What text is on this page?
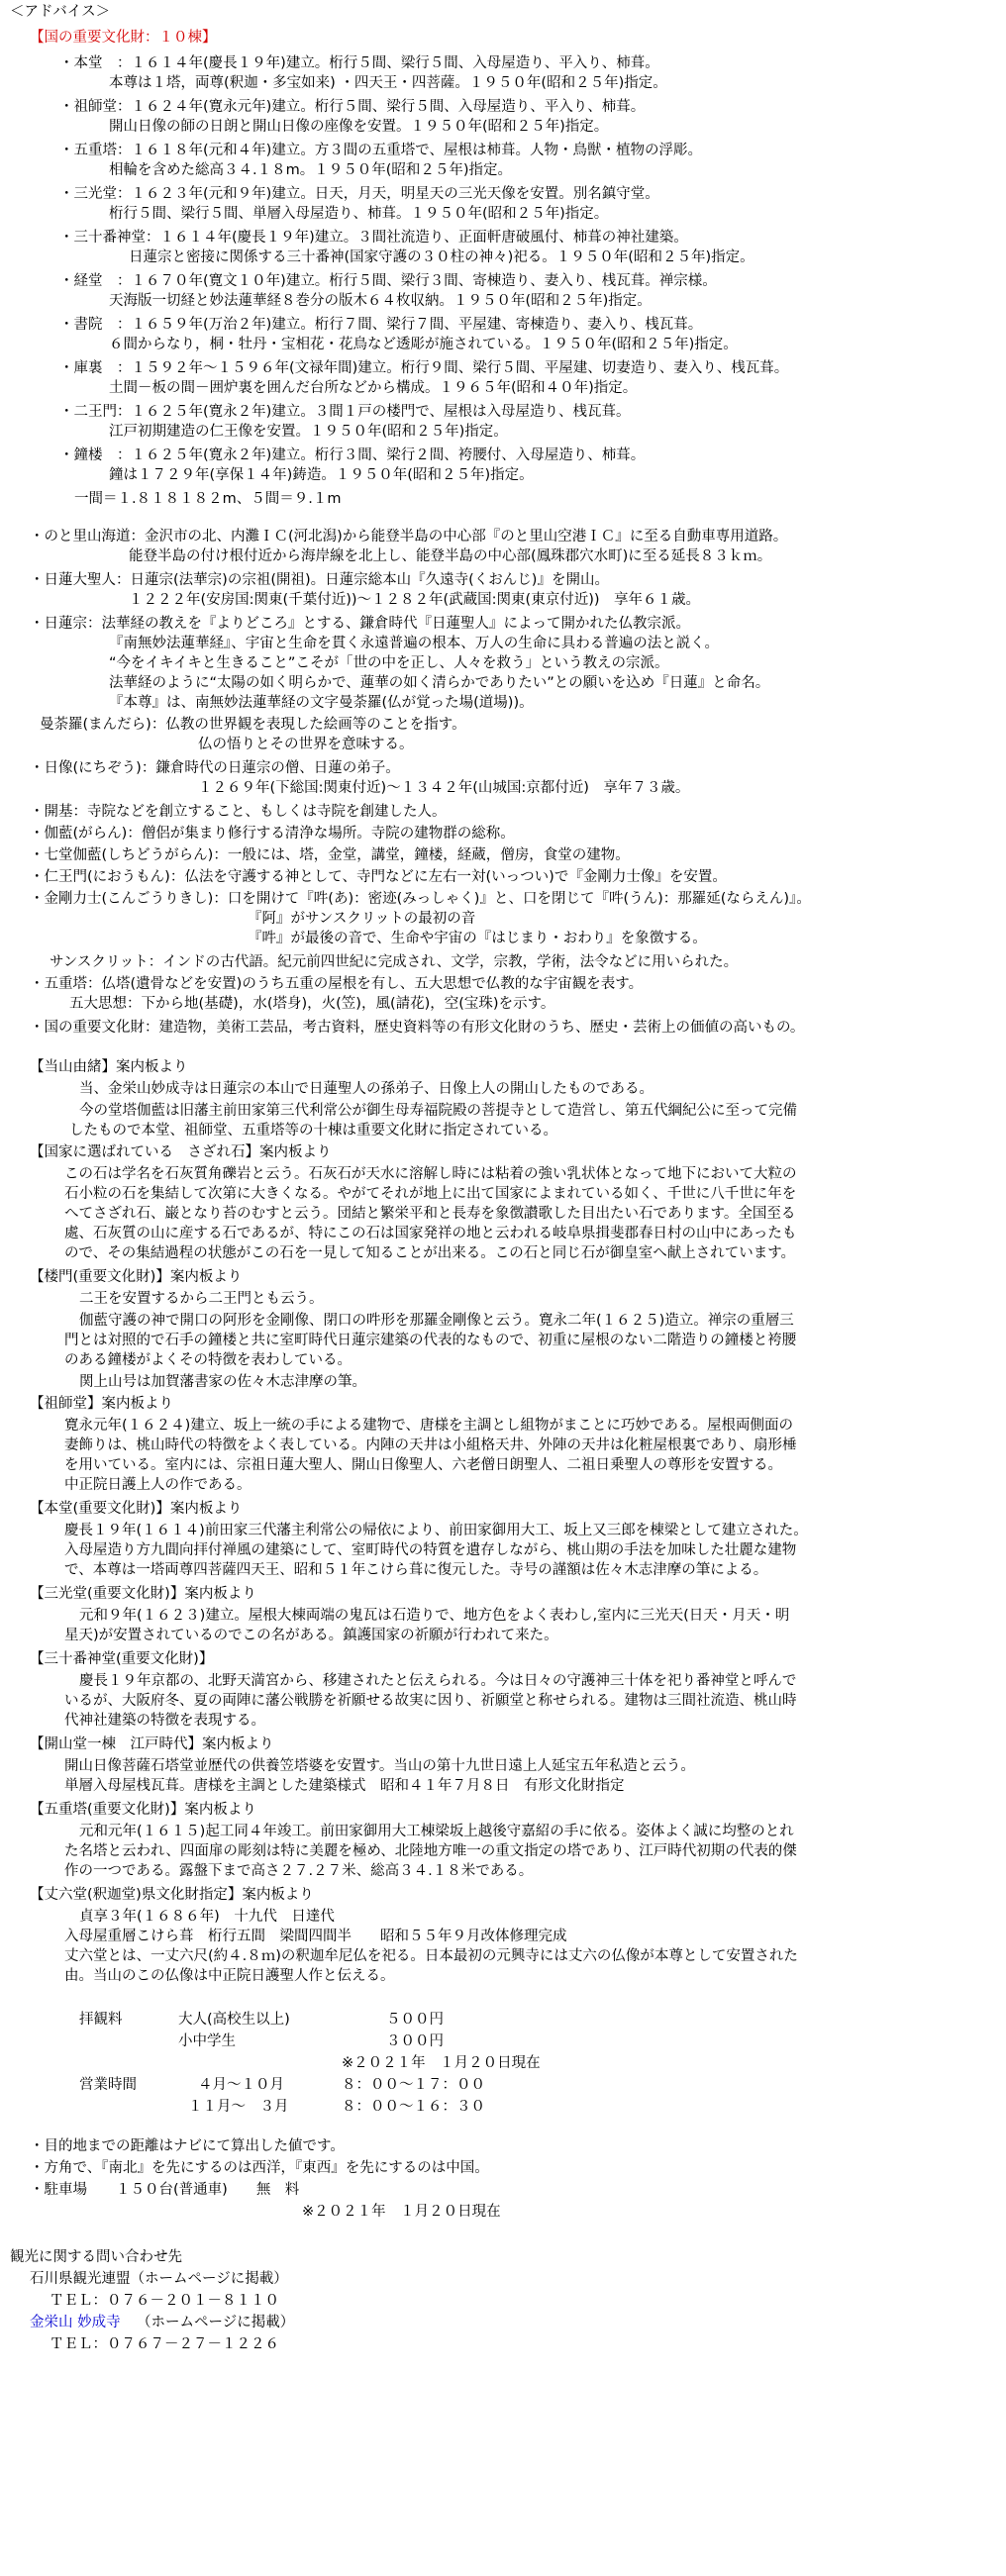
＜アドバイス＞
【国の重要文化財：１０棟】
・本堂　：１６１４年(慶長１９年)建立。桁行５間、梁行５間、入母屋造り、平入り、柿葺。
本尊は１塔，両尊(釈迦・多宝如来) ・四天王・四菩薩。１９５０年(昭和２５年)指定。
・祖師堂：１６２４年(寛永元年)建立。桁行５間、梁行５間、入母屋造り、平入り、柿葺。
開山日像の師の日朗と開山日像の座像を安置。１９５０年(昭和２５年)指定。
・五重塔：１６１８年(元和４年)建立。方３間の五重塔で、屋根は柿葺。人物・鳥獣・植物の浮彫。
相輪を含めた総高３４.１８m。１９５０年(昭和２５年)指定。
・三光堂：１６２３年(元和９年)建立。日天，月天，明星天の三光天像を安置。別名鎮守堂。
桁行５間、梁行５間、単層入母屋造り、柿葺。１９５０年(昭和２５年)指定。
・三十番神堂：１６１４年(慶長１９年)建立。３間社流造り、正面軒唐破風付、柿葺の神社建築。
日蓮宗と密接に関係する三十番神(国家守護の３０柱の神々)祀る。１９５０年(昭和２５年)指定。
・経堂　：１６７０年(寛文１０年)建立。桁行５間、梁行３間、寄棟造り、妻入り、桟瓦葺。禅宗様。
天海版一切経と妙法蓮華経８巻分の版木６４枚収納。１９５０年(昭和２５年)指定。
・書院　：１６５９年(万治２年)建立。桁行７間、梁行７間、平屋建、寄棟造り、妻入り、桟瓦葺。
６間からなり，桐・牡丹・宝相花・花鳥など透彫が施されている。１９５０年(昭和２５年)指定。
・庫裏　：１５９２年～１５９６年(文禄年間)建立。桁行９間、梁行５間、平屋建、切妻造り、妻入り、桟瓦葺。
土間－板の間－囲炉裏を囲んだ台所などから構成。１９６５年(昭和４０年)指定。
・二王門：１６２５年(寛永２年)建立。３間１戸の楼門で、屋根は入母屋造り、桟瓦葺。
江戸初期建造の仁王像を安置。１９５０年(昭和２５年)指定。
・鐘楼　：１６２５年(寛永２年)建立。桁行３間、梁行２間、袴腰付、入母屋造り、柿葺。
鐘は１７２９年(享保１４年)鋳造。１９５０年(昭和２５年)指定。
一間＝１.８１８１８２m、５間＝９.１m
・のと里山海道：金沢市の北、内灘ＩＣ(河北潟)から能登半島の中心部『のと里山空港ＩＣ』に至る自動車専用道路。
能登半島の付け根付近から海岸線を北上し、能登半島の中心部(鳳珠郡穴水町)に至る延長８３ｋｍ。
・日蓮大聖人：日蓮宗(法華宗)の宗祖(開祖)。日蓮宗総本山『久遠寺(くおんじ)』を開山。
１２２２年(安房国:関東(千葉付近))～１２８２年(武蔵国:関東(東京付近))　享年６１歳。
・日蓮宗：法華経の教えを『よりどころ』とする、鎌倉時代『日蓮聖人』によって開かれた仏教宗派。
『南無妙法蓮華経』、宇宙と生命を貫く永遠普遍の根本、万人の生命に具わる普遍の法と説く。
“今をイキイキと生きること”こそが「世の中を正し、人々を救う」という教えの宗派。
法華経のように“太陽の如く明らかで、蓮華の如く清らかでありたい”との願いを込め『日蓮』と命名。
『本尊』は、南無妙法蓮華経の文字曼荼羅(仏が覚った場(道場))。
曼荼羅(まんだら)：仏教の世界観を表現した絵画等のことを指す。
仏の悟りとその世界を意味する。
・日像(にちぞう)：鎌倉時代の日蓮宗の僧、日蓮の弟子。
１２６９年(下総国:関東付近)～１３４２年(山城国:京都付近)　享年７３歳。
・開基：寺院などを創立すること、もしくは寺院を創建した人。
・伽藍(がらん)：僧侶が集まり修行する清浄な場所。寺院の建物群の総称。
・七堂伽藍(しちどうがらん)：一般には、塔，金堂，講堂，鐘楼，経蔵，僧房，食堂の建物。
・仁王門(におうもん)：仏法を守護する神として、寺門などに左右一対(いっつい)で『金剛力士像』を安置。
・金剛力士(こんごうりきし)：口を開けて『吽(あ)：密迹(みっしゃく)』と、口を閉じて『吽(うん)：那羅延(ならえん)』。
『阿』がサンスクリットの最初の音
『吽』が最後の音で、生命や宇宙の『はじまり・おわり』を象徴する。
サンスクリット：インドの古代語。紀元前四世紀に完成され、文学，宗教，学術，法令などに用いられた。
・五重塔：仏塔(遺骨などを安置)のうち五重の屋根を有し、五大思想で仏教的な宇宙観を表す。
五大思想：下から地(基礎)，水(塔身)，火(笠)，風(請花)，空(宝珠)を示す。
・国の重要文化財：建造物，美術工芸品，考古資料，歴史資料等の有形文化財のうち、歴史・芸術上の価値の高いもの。
【当山由緒】案内板より
当、金栄山妙成寺は日蓮宗の本山で日蓮聖人の孫弟子、日像上人の開山したものである。
今の堂塔伽藍は旧藩主前田家第三代利常公が御生母寿福院殿の菩提寺として造営し、第五代綱紀公に至って完備
したもので本堂、祖師堂、五重塔等の十棟は重要文化財に指定されている。
【国家に選ばれている　さざれ石】案内板より
この石は学名を石灰質角礫岩と云う。石灰石が天水に溶解し時には粘着の強い乳状体となって地下において大粒の
石小粒の石を集結して次第に大きくなる。やがてそれが地上に出て国家によまれている如く、千世に八千世に年を
へてさざれ石、巌となり苔のむすと云う。団結と繁栄平和と長寿を象徴讃歌した目出たい石であります。全国至る
處、石灰質の山に産する石であるが、特にこの石は国家発祥の地と云われる岐阜県揖斐郡春日村の山中にあったも
ので、その集結過程の状態がこの石を一見して知ることが出来る。この石と同じ石が御皇室へ献上されています。
【楼門(重要文化財)】案内板より
二王を安置するから二王門とも云う。
伽藍守護の神で開口の阿形を金剛像、閉口の吽形を那羅金剛像と云う。寛永二年(１６２５)造立。禅宗の重層三
門とは対照的で石手の鐘楼と共に室町時代日蓮宗建築の代表的なもので、初重に屋根のない二階造りの鐘楼と袴腰
のある鐘楼がよくその特徴を表わしている。
関上山号は加賀藩書家の佐々木志津摩の筆。
【祖師堂】案内板より
寛永元年(１６２４)建立、坂上一統の手による建物で、唐様を主調とし組物がまことに巧妙である。屋根両側面の
妻飾りは、桃山時代の特徴をよく表している。内陣の天井は小組格天井、外陣の天井は化粧屋根裏であり、扇形棰
を用いている。室内には、宗祖日蓮大聖人、開山日像聖人、六老僧日朗聖人、二祖日乗聖人の尊形を安置する。
中正院日護上人の作である。
【本堂(重要文化財)】案内板より
慶長１９年(１６１４)前田家三代藩主利常公の帰依により、前田家御用大工、坂上又三郎を棟梁として建立された。
入母屋造り方九間向拝付禅風の建築にして、室町時代の特質を遺存しながら、桃山期の手法を加味した壮麗な建物
で、本尊は一塔両尊四菩薩四天王、昭和５１年こけら葺に復元した。寺号の謹額は佐々木志津摩の筆による。
【三光堂(重要文化財)】案内板より
元和９年(１６２３)建立。屋根大棟両端の鬼瓦は石造りで、地方色をよく表わし,室内に三光天(日天・月天・明
星天)が安置されているのでこの名がある。鎮護国家の祈願が行われて来た。
【三十番神堂(重要文化財)】
慶長１９年京都の、北野天満宮から、移建されたと伝えられる。今は日々の守護神三十体を祀り番神堂と呼んで
いるが、大阪府冬、夏の両陣に藩公戦勝を祈願せる故実に因り、祈願堂と称せられる。建物は三間社流造、桃山時
代神社建築の特徴を表現する。
【開山堂一棟　江戸時代】案内板より
開山日像菩薩石塔堂並歴代の供養笠塔婆を安置す。当山の第十九世日遠上人延宝五年私造と云う。
単層入母屋桟瓦葺。唐様を主調とした建築様式　昭和４１年７月８日　有形文化財指定
【五重塔(重要文化財)】案内板より
元和元年(１６１５)起工同４年竣工。前田家御用大工棟梁坂上越後守嘉紹の手に依る。姿体よく誠に均整のとれ
た名塔と云われ、四面扉の彫刻は特に美麗を極め、北陸地方唯一の重文指定の塔であり、江戸時代初期の代表的傑
作の一つである。露盤下まで高さ２７.２７米、総高３４.１８米である。
【丈六堂(釈迦堂)県文化財指定】案内板より
貞享３年(１６８６年)　十九代　日達代
入母屋重層こけら葺　桁行五間　梁間四間半　　昭和５５年９月改体修理完成
丈六堂とは、一丈六尺(約４.８ｍ)の釈迦牟尼仏を祀る。日本最初の元興寺には丈六の仏像が本尊として安置された
由。当山のこの仏像は中正院日護聖人作と伝える。
拝観料	大人(高校生以上)	５００円
小中学生	３００円
※２０２１年　１月２０日現在
営業時間	４月～１０月	８：００～１７：００
１１月～　３月	８：００～１６：３０
・目的地までの距離はナビにて算出した値です。
・方角で、『南北』を先にするのは西洋，『東西』を先にするのは中国。
・駐車場　　１５０台(普通車)　　無　料
※２０２１年　１月２０日現在
観光に関する問い合わせ先
石川県観光連盟（ホームページに掲載）
ＴＥＬ：０７６－２０１－８１１０
金栄山 妙成寺 （ホームページに掲載）
ＴＥＬ：０７６７－２７－１２２６
